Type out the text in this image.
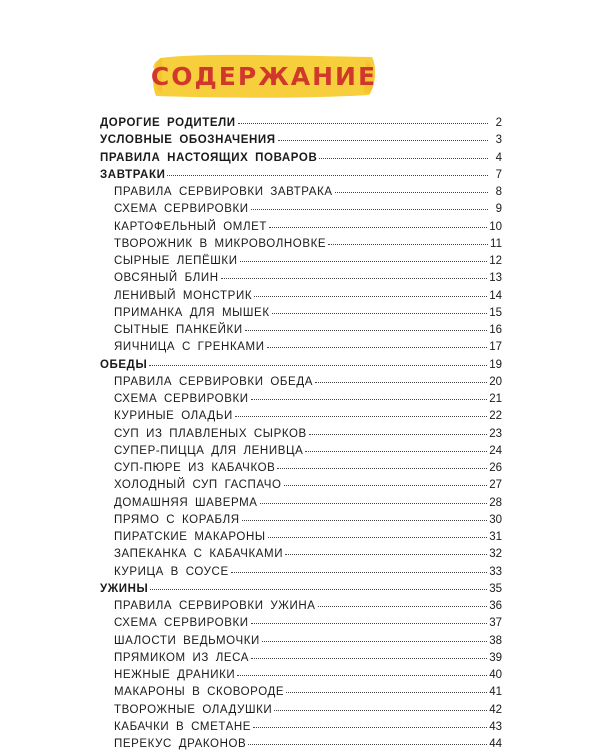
СОДЕРЖАНИЕ
ДОРОГИЕ РОДИТЕЛИ	2
УСЛОВНЫЕ ОБОЗНАЧЕНИЯ	3
ПРАВИЛА НАСТОЯЩИХ ПОВАРОВ	4
ЗАВТРАКИ	7
ПРАВИЛА СЕРВИРОВКИ ЗАВТРАКА	8
СХЕМА СЕРВИРОВКИ	9
КАРТОФЕЛЬНЫЙ ОМЛЕТ	10
ТВОРОЖНИК В МИКРОВОЛНОВКЕ	11
СЫРНЫЕ ЛЕПЁШКИ	12
ОВСЯНЫЙ БЛИН	13
ЛЕНИВЫЙ МОНСТРИК	14
ПРИМАНКА ДЛЯ МЫШЕК	15
СЫТНЫЕ ПАНКЕЙКИ	16
ЯИЧНИЦА С ГРЕНКАМИ	17
ОБЕДЫ	19
ПРАВИЛА СЕРВИРОВКИ ОБЕДА	20
СХЕМА СЕРВИРОВКИ	21
КУРИНЫЕ ОЛАДЬИ	22
СУП ИЗ ПЛАВЛЕНЫХ СЫРКОВ	23
СУПЕР-ПИЦЦА ДЛЯ ЛЕНИВЦА	24
СУП-ПЮРЕ ИЗ КАБАЧКОВ	26
ХОЛОДНЫЙ СУП ГАСПАЧО	27
ДОМАШНЯЯ ШАВЕРМА	28
ПРЯМО С КОРАБЛЯ	30
ПИРАТСКИЕ МАКАРОНЫ	31
ЗАПЕКАНКА С КАБАЧКАМИ	32
КУРИЦА В СОУСЕ	33
УЖИНЫ	35
ПРАВИЛА СЕРВИРОВКИ УЖИНА	36
СХЕМА СЕРВИРОВКИ	37
ШАЛОСТИ ВЕДЬМОЧКИ	38
ПРЯМИКОМ ИЗ ЛЕСА	39
НЕЖНЫЕ ДРАНИКИ	40
МАКАРОНЫ В СКОВОРОДЕ	41
ТВОРОЖНЫЕ ОЛАДУШКИ	42
КАБАЧКИ В СМЕТАНЕ	43
ПЕРЕКУС ДРАКОНОВ	44
